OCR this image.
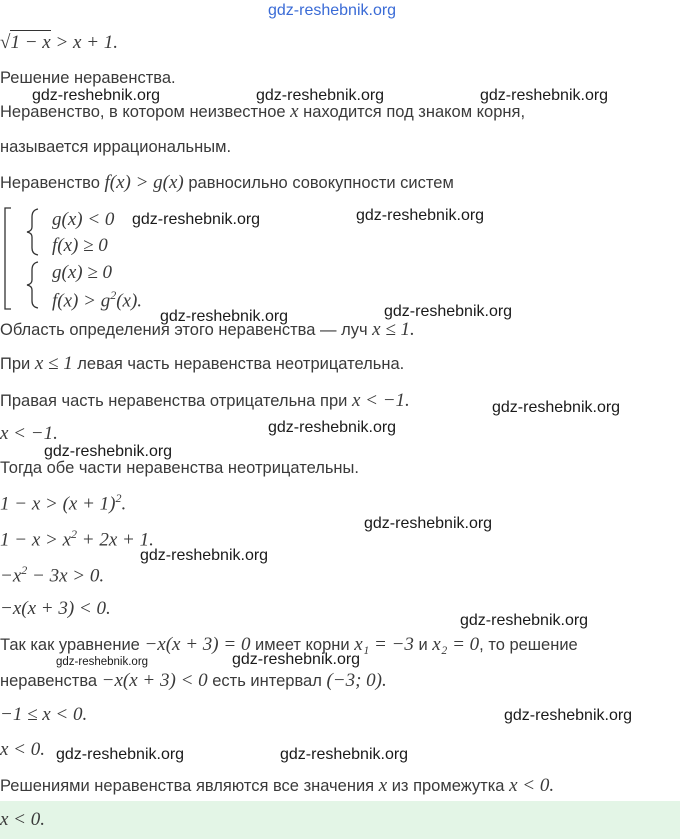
gdz-reshebnik.org
√1 − x > x + 1.
Решение неравенства.
gdz-reshebnik.org	gdz-reshebnik.org	gdz-reshebnik.org
Неравенство, в котором неизвестное x находится под знаком корня,
называется иррациональным.
Неравенство f(x) > g(x) равносильно совокупности систем
g(x) < 0
f(x) ≥ 0
g(x) ≥ 0
$f(x) > g^2(x)$.
gdz-reshebnik.org	gdz-reshebnik.org
gdz-reshebnik.org	gdz-reshebnik.org
Область определения этого неравенства — луч x ≤ 1.
При x ≤ 1 левая часть неравенства неотрицательна.
Правая часть неравенства отрицательна при x < −1.	gdz-reshebnik.org
x < −1.	gdz-reshebnik.org
gdz-reshebnik.org
Тогда обе части неравенства неотрицательны.
$1 - x > (x + 1)^2$.
$1 - x > x^2 + 2x + 1$.
gdz-reshebnik.org
gdz-reshebnik.org
$-x^2 - 3x > 0$.
−x(x + 3) < 0.
gdz-reshebnik.org
Так как уравнение −x(x + 3) = 0 имеет корни x₁ = −3 и x₂ = 0, то решение
gdz-reshebnik.org	gdz-reshebnik.org
неравенства −x(x + 3) < 0 есть интервал (−3; 0).
−1 ≤ x < 0.	gdz-reshebnik.org
x < 0. gdz-reshebnik.org	gdz-reshebnik.org
Решениями неравенства являются все значения x из промежутка x < 0.
x < 0.
